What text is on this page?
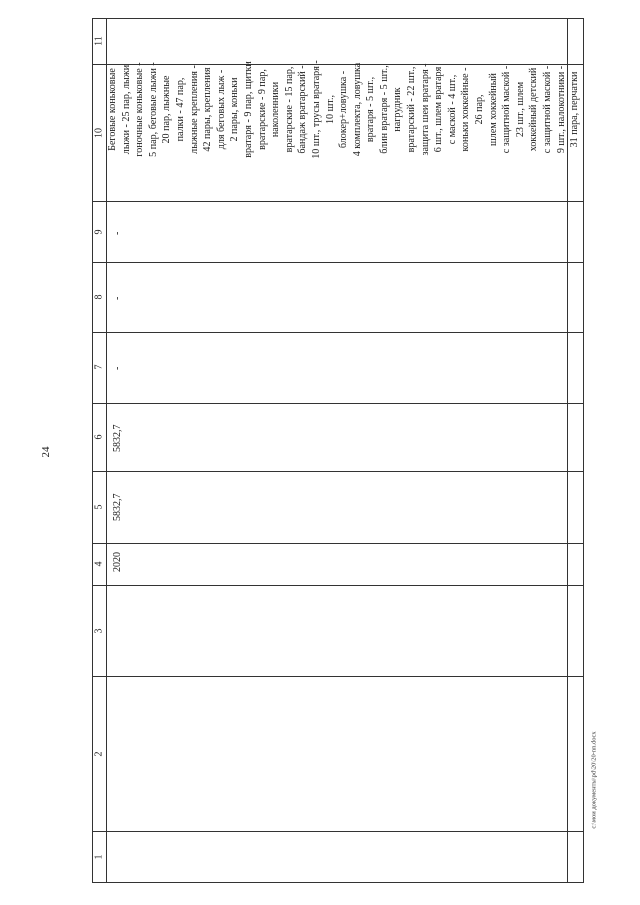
24
c:\мои документы\pd\20\20-nn.docx
1
2
3
4
5
6
7
8
9
10
11
2020
5832,7
5832,7
-
-
-
Беговые коньковые лыжи - 25 пар, лыжи гоночные коньковые - 5 пар, беговые лыжи - 20 пар, лыжные палки - 47 пар, лыжные крепления - 42 пары, крепления для беговых лыж - 2 пары, коньки вратаря - 9 пар, щитки вратарские - 9 пар, наколенники вратарские - 15 пар, бандаж вратарский - 10 шт., трусы вратаря - 10 шт., блокер+ловушка - 4 комплекта, ловушка вратаря - 5 шт., блин вратаря - 5 шт., нагрудник вратарский - 22 шт., защита шеи вратаря - 6 шт., шлем вратаря с маской - 4 шт., коньки хоккейные - 26 пар, шлем хоккейный с защитной маской - 23 шт., шлем хоккейный детский с защитной маской - 9 шт., налокотники - 31 пара, перчатки
